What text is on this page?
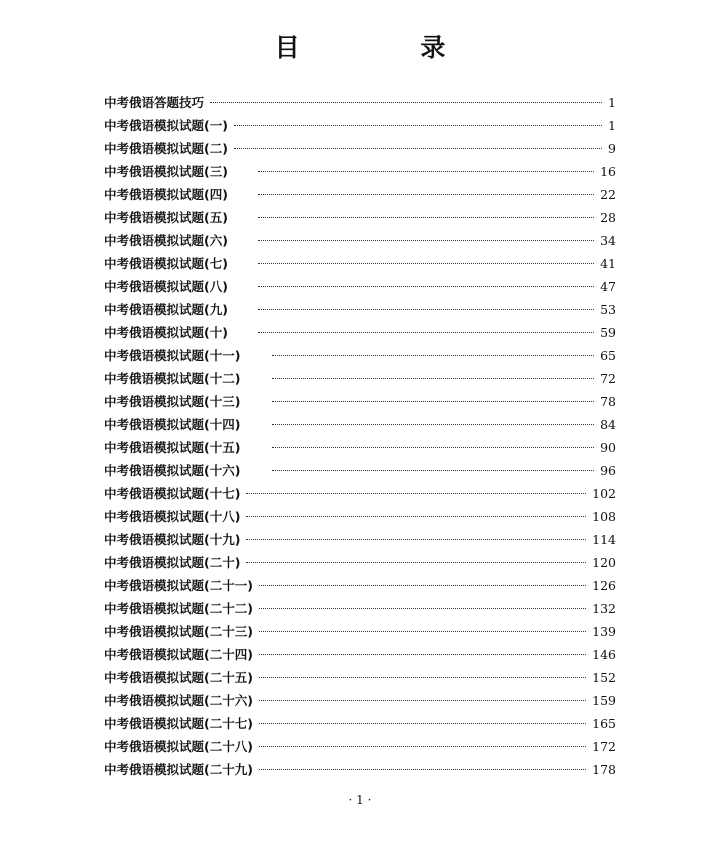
目 录
中考俄语答题技巧	1
中考俄语模拟试题(一)	1
中考俄语模拟试题(二)	9
中考俄语模拟试题(三)	16
中考俄语模拟试题(四)	22
中考俄语模拟试题(五)	28
中考俄语模拟试题(六)	34
中考俄语模拟试题(七)	41
中考俄语模拟试题(八)	47
中考俄语模拟试题(九)	53
中考俄语模拟试题(十)	59
中考俄语模拟试题(十一)	65
中考俄语模拟试题(十二)	72
中考俄语模拟试题(十三)	78
中考俄语模拟试题(十四)	84
中考俄语模拟试题(十五)	90
中考俄语模拟试题(十六)	96
中考俄语模拟试题(十七)	102
中考俄语模拟试题(十八)	108
中考俄语模拟试题(十九)	114
中考俄语模拟试题(二十)	120
中考俄语模拟试题(二十一)	126
中考俄语模拟试题(二十二)	132
中考俄语模拟试题(二十三)	139
中考俄语模拟试题(二十四)	146
中考俄语模拟试题(二十五)	152
中考俄语模拟试题(二十六)	159
中考俄语模拟试题(二十七)	165
中考俄语模拟试题(二十八)	172
中考俄语模拟试题(二十九)	178
· 1 ·
